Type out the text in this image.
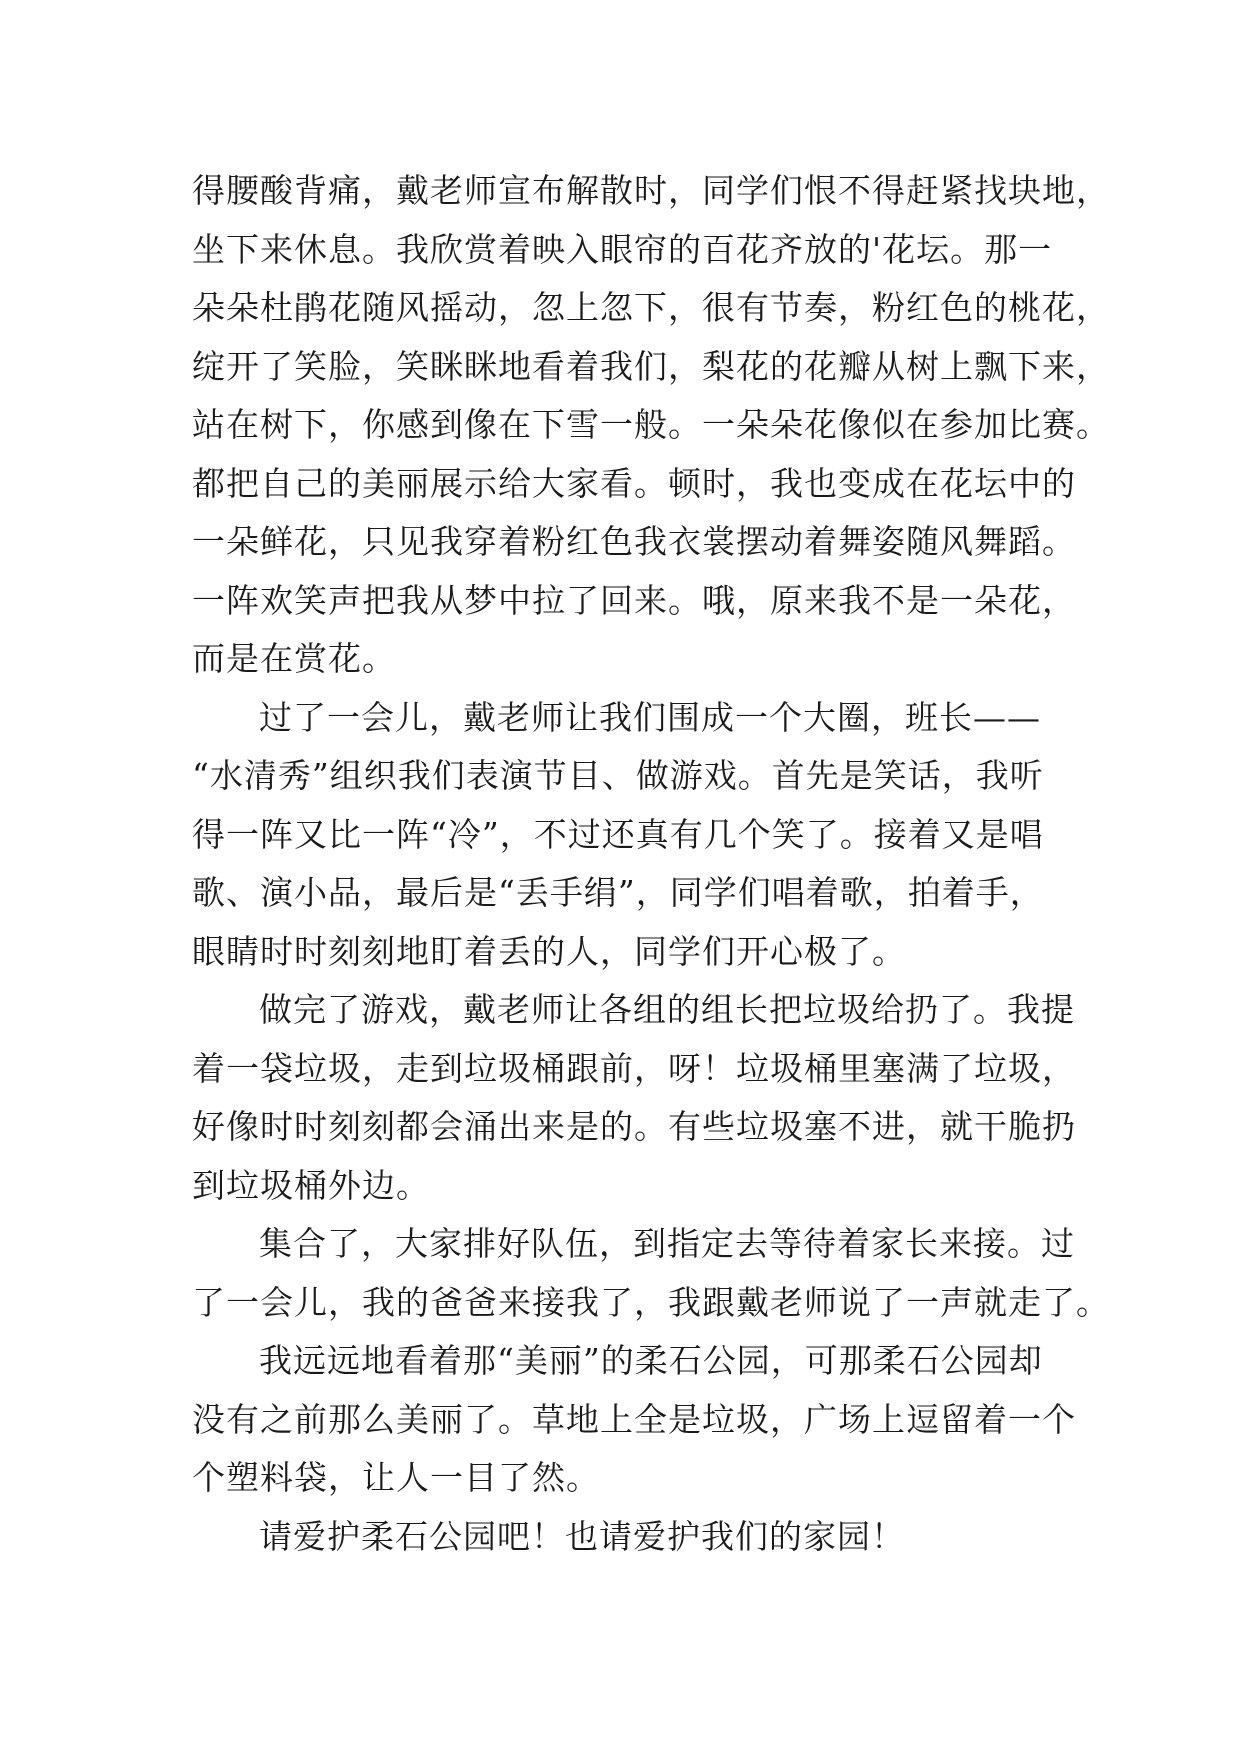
得腰酸背痛，戴老师宣布解散时，同学们恨不得赶紧找块地，
坐下来休息。我欣赏着映入眼帘的百花齐放的'花坛。那一
朵朵杜鹃花随风摇动，忽上忽下，很有节奏，粉红色的桃花，
绽开了笑脸，笑眯眯地看着我们，梨花的花瓣从树上飘下来，
站在树下，你感到像在下雪一般。一朵朵花像似在参加比赛。
都把自己的美丽展示给大家看。顿时，我也变成在花坛中的
一朵鲜花，只见我穿着粉红色我衣裳摆动着舞姿随风舞蹈。
一阵欢笑声把我从梦中拉了回来。哦，原来我不是一朵花，
而是在赏花。
过了一会儿，戴老师让我们围成一个大圈，班长——
“水清秀”组织我们表演节目、做游戏。首先是笑话，我听
得一阵又比一阵“冷”，不过还真有几个笑了。接着又是唱
歌、演小品，最后是“丢手绢”，同学们唱着歌，拍着手，
眼睛时时刻刻地盯着丢的人，同学们开心极了。
做完了游戏，戴老师让各组的组长把垃圾给扔了。我提
着一袋垃圾，走到垃圾桶跟前，呀！垃圾桶里塞满了垃圾，
好像时时刻刻都会涌出来是的。有些垃圾塞不进，就干脆扔
到垃圾桶外边。
集合了，大家排好队伍，到指定去等待着家长来接。过
了一会儿，我的爸爸来接我了，我跟戴老师说了一声就走了。
我远远地看着那“美丽”的柔石公园，可那柔石公园却
没有之前那么美丽了。草地上全是垃圾，广场上逗留着一个
个塑料袋，让人一目了然。
请爱护柔石公园吧！也请爱护我们的家园！
